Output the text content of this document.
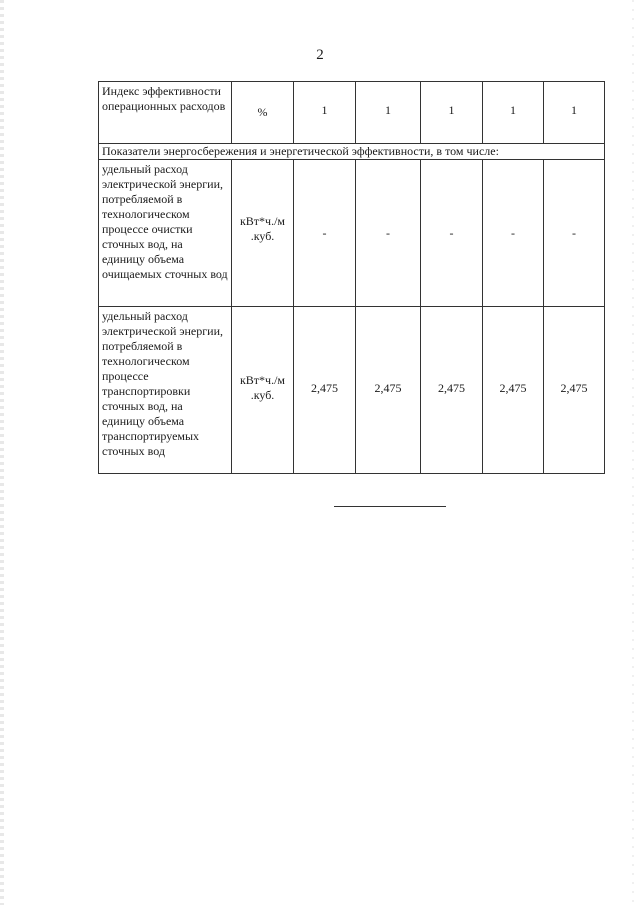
2
Индекс эффективности операционных расходов	%	1	1	1	1	1
Показатели энергосбережения и энергетической эффективности, в том числе:						
удельный расход электрической энергии, потребляемой в технологическом процессе очистки сточных вод, на единицу объема очищаемых сточных вод	кВт*ч./м .куб.	-	-	-	-	-
удельный расход электрической энергии, потребляемой в технологическом процессе транспортировки сточных вод, на единицу объема транспортируемых сточных вод	кВт*ч./м .куб.	2,475	2,475	2,475	2,475	2,475
